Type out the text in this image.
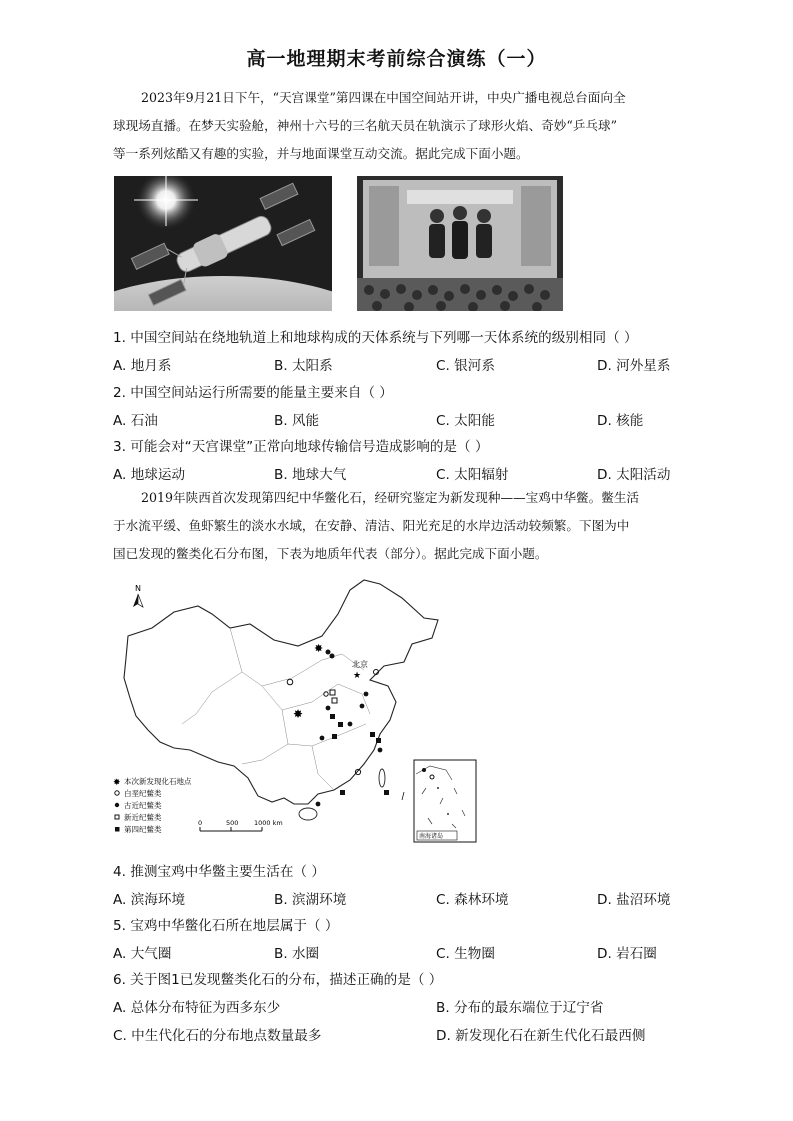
高一地理期末考前综合演练（一）
2023年9月21日下午，“天宫课堂”第四课在中国空间站开讲，中央广播电视总台面向全
球现场直播。在梦天实验舱，神州十六号的三名航天员在轨演示了球形火焰、奇妙“乒乓球”
等一系列炫酷又有趣的实验，并与地面课堂互动交流。据此完成下面小题。
1. 中国空间站在绕地轨道上和地球构成的天体系统与下列哪一天体系统的级别相同（ ）
A. 地月系	B. 太阳系	C. 银河系	D. 河外星系
2. 中国空间站运行所需要的能量主要来自（ ）
A. 石油	B. 风能	C. 太阳能	D. 核能
3. 可能会对“天宫课堂”正常向地球传输信号造成影响的是（ ）
A. 地球运动	B. 地球大气	C. 太阳辐射	D. 太阳活动
2019年陕西首次发现第四纪中华鳖化石，经研究鉴定为新发现种——宝鸡中华鳖。鳖生活
于水流平缓、鱼虾繁生的淡水水域，在安静、清洁、阳光充足的水岸边活动较频繁。下图为中
国已发现的鳖类化石分布图，下表为地质年代表（部分）。据此完成下面小题。
N
北京
★
✸
✸
✸ 本次新发现化石地点
白垩纪鳖类
古近纪鳖类
新近纪鳖类
第四纪鳖类
0	500 1000 km
南海诸岛
4. 推测宝鸡中华鳖主要生活在（ ）
A. 滨海环境	B. 滨湖环境	C. 森林环境	D. 盐沼环境
5. 宝鸡中华鳖化石所在地层属于（ ）
A. 大气圈	B. 水圈	C. 生物圈	D. 岩石圈
6. 关于图1已发现鳖类化石的分布，描述正确的是（ ）
A. 总体分布特征为西多东少	B. 分布的最东端位于辽宁省
C. 中生代化石的分布地点数量最多	D. 新发现化石在新生代化石最西侧
